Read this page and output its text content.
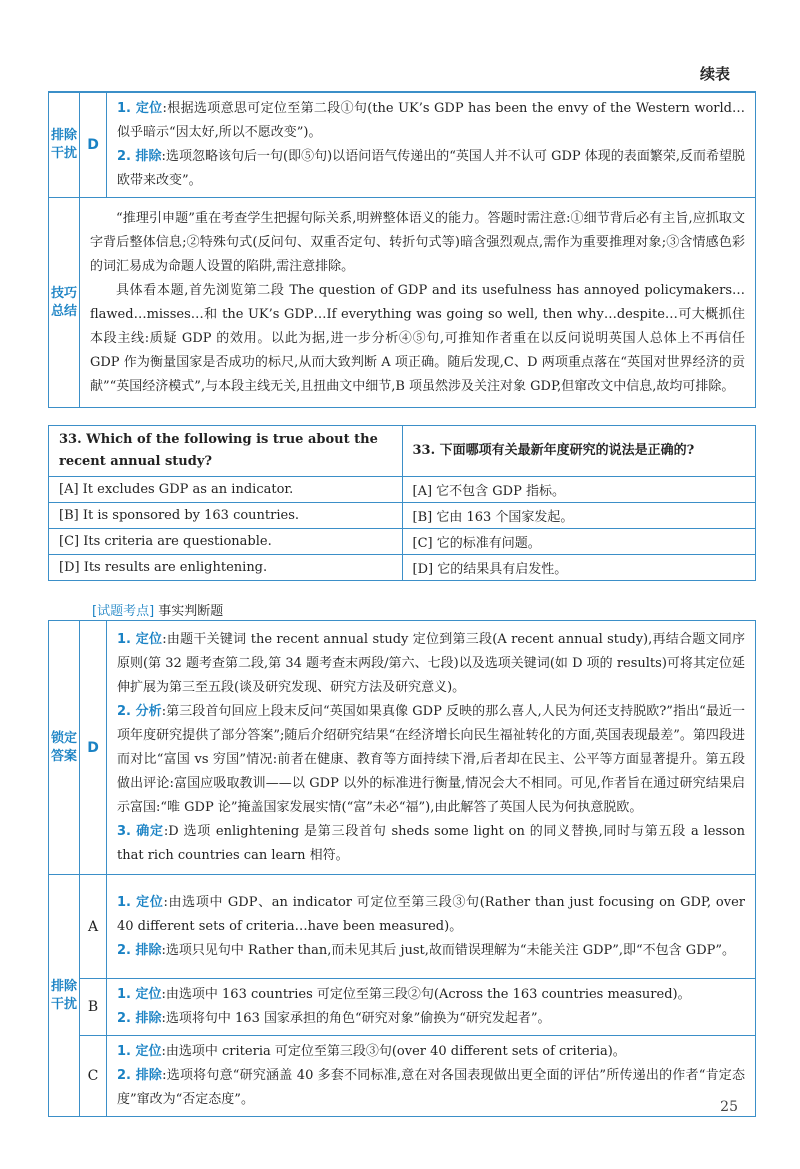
续表
排除干扰	D	1. 定位:根据选项意思可定位至第二段①句(the UK’s GDP has been the envy of the Western world…似乎暗示“因太好,所以不愿改变”)。

2. 排除:选项忽略该句后一句(即⑤句)以语问语气传递出的“英国人并不认可 GDP 体现的表面繁荣,反而希望脱欧带来改变”。

技巧总结	“推理引申题”重在考查学生把握句际关系,明辨整体语义的能力。答题时需注意:①细节背后必有主旨,应抓取文字背后整体信息;②特殊句式(反问句、双重否定句、转折句式等)暗含强烈观点,需作为重要推理对象;③含情感色彩的词汇易成为命题人设置的陷阱,需注意排除。

具体看本题,首先浏览第二段 The question of GDP and its usefulness has annoyed policymakers…flawed…misses…和 the UK’s GDP…If everything was going so well, then why…despite…可大概抓住本段主线:质疑 GDP 的效用。以此为据,进一步分析④⑤句,可推知作者重在以反问说明英国人总体上不再信任 GDP 作为衡量国家是否成功的标尺,从而大致判断 A 项正确。随后发现,C、D 两项重点落在“英国对世界经济的贡献”“英国经济模式”,与本段主线无关,且扭曲文中细节,B 项虽然涉及关注对象 GDP,但窜改文中信息,故均可排除。	

33. Which of the following is true about the recent annual study?	33. 下面哪项有关最新年度研究的说法是正确的?
[A] It excludes GDP as an indicator.	[A] 它不包含 GDP 指标。
[B] It is sponsored by 163 countries.	[B] 它由 163 个国家发起。
[C] Its criteria are questionable.	[C] 它的标准有问题。
[D] Its results are enlightening.	[D] 它的结果具有启发性。
[试题考点] 事实判断题
锁定答案	D	1. 定位:由题干关键词 the recent annual study 定位到第三段(A recent annual study),再结合题文同序原则(第 32 题考查第二段,第 34 题考查末两段/第六、七段)以及选项关键词(如 D 项的 results)可将其定位延伸扩展为第三至五段(谈及研究发现、研究方法及研究意义)。

2. 分析:第三段首句回应上段末反问“英国如果真像 GDP 反映的那么喜人,人民为何还支持脱欧?”指出“最近一项年度研究提供了部分答案”;随后介绍研究结果“在经济增长向民生福祉转化的方面,英国表现最差”。第四段进而对比“富国 vs 穷国”情况:前者在健康、教育等方面持续下滑,后者却在民主、公平等方面显著提升。第五段做出评论:富国应吸取教训——以 GDP 以外的标准进行衡量,情况会大不相同。可见,作者旨在通过研究结果启示富国:“唯 GDP 论”掩盖国家发展实情(“富”未必“福”),由此解答了英国人民为何执意脱欧。

3. 确定:D 选项 enlightening 是第三段首句 sheds some light on 的同义替换,同时与第五段 a lesson that rich countries can learn 相符。

排除干扰	A	1. 定位:由选项中 GDP、an indicator 可定位至第三段③句(Rather than just focusing on GDP, over 40 different sets of criteria…have been measured)。

2. 排除:选项只见句中 Rather than,而未见其后 just,故而错误理解为“未能关注 GDP”,即“不包含 GDP”。

	B	1. 定位:由选项中 163 countries 可定位至第三段②句(Across the 163 countries measured)。

2. 排除:选项将句中 163 国家承担的角色“研究对象”偷换为“研究发起者”。

	C	1. 定位:由选项中 criteria 可定位至第三段③句(over 40 different sets of criteria)。

2. 排除:选项将句意“研究涵盖 40 多套不同标准,意在对各国表现做出更全面的评估”所传递出的作者“肯定态度”窜改为“否定态度”。	25
